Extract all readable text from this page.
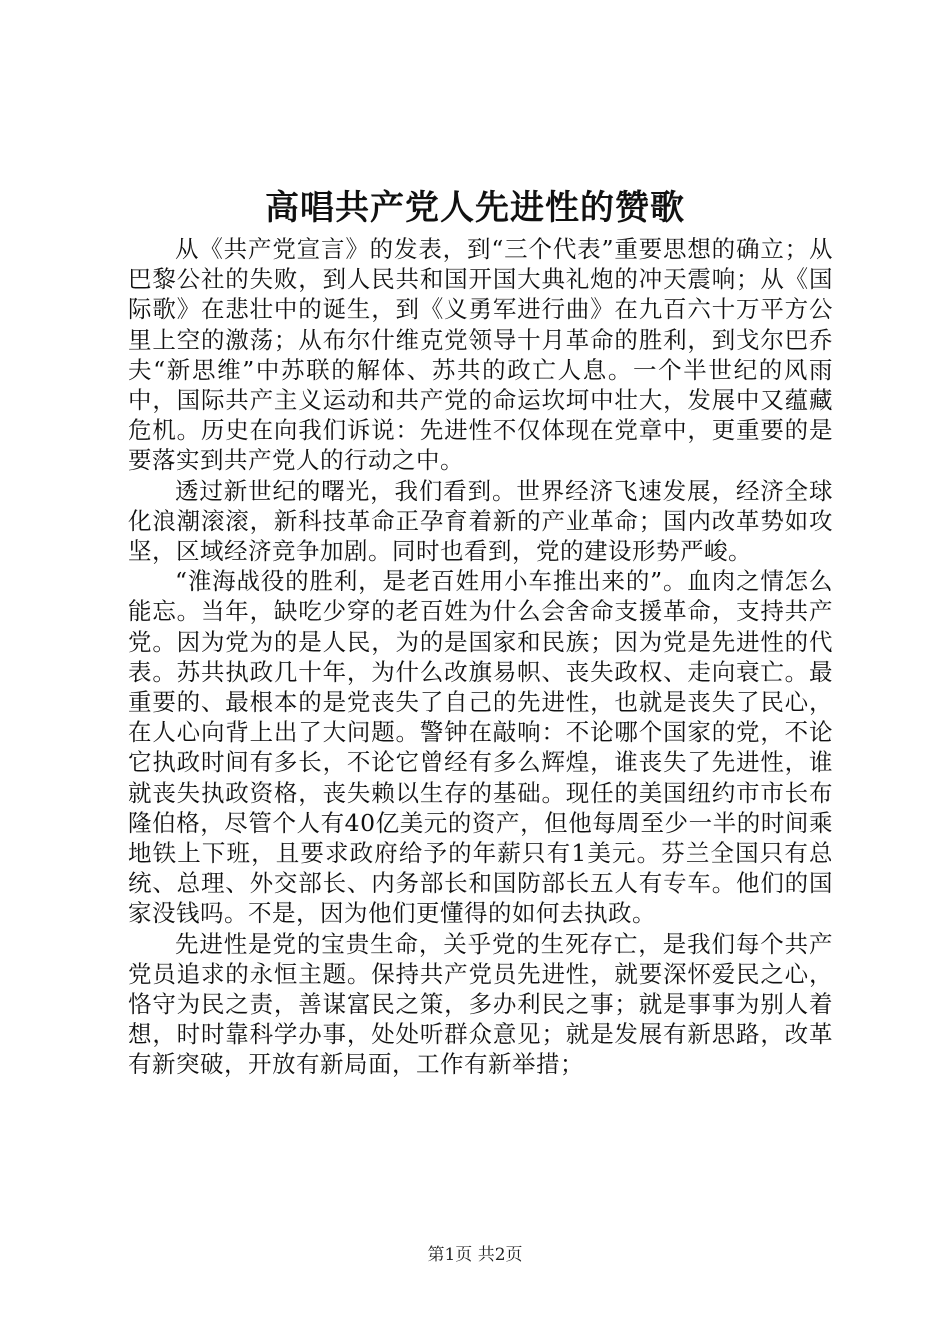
高唱共产党人先进性的赞歌

从《共产党宣言》的发表，到“三个代表”重要思想的确立；从巴黎公社的失败，到人民共和国开国大典礼炮的冲天震响；从《国际歌》在悲壮中的诞生，到《义勇军进行曲》在九百六十万平方公里上空的激荡；从布尔什维克党领导十月革命的胜利，到戈尔巴乔夫“新思维”中苏联的解体、苏共的政亡人息。一个半世纪的风雨中，国际共产主义运动和共产党的命运坎坷中壮大，发展中又蕴藏危机。历史在向我们诉说：先进性不仅体现在党章中，更重要的是要落实到共产党人的行动之中。

透过新世纪的曙光，我们看到。世界经济飞速发展，经济全球化浪潮滚滚，新科技革命正孕育着新的产业革命；国内改革势如攻坚，区域经济竞争加剧。同时也看到，党的建设形势严峻。

“淮海战役的胜利，是老百姓用小车推出来的”。血肉之情怎么能忘。当年，缺吃少穿的老百姓为什么会舍命支援革命，支持共产党。因为党为的是人民，为的是国家和民族；因为党是先进性的代表。苏共执政几十年，为什么改旗易帜、丧失政权、走向衰亡。最重要的、最根本的是党丧失了自己的先进性，也就是丧失了民心，在人心向背上出了大问题。警钟在敲响：不论哪个国家的党，不论它执政时间有多长，不论它曾经有多么辉煌，谁丧失了先进性，谁就丧失执政资格，丧失赖以生存的基础。现任的美国纽约市市长布隆伯格，尽管个人有40亿美元的资产，但他每周至少一半的时间乘地铁上下班，且要求政府给予的年薪只有1美元。芬兰全国只有总统、总理、外交部长、内务部长和国防部长五人有专车。他们的国家没钱吗。不是，因为他们更懂得的如何去执政。

先进性是党的宝贵生命，关乎党的生死存亡，是我们每个共产党员追求的永恒主题。保持共产党员先进性，就要深怀爱民之心，恪守为民之责，善谋富民之策，多办利民之事；就是事事为别人着想，时时靠科学办事，处处听群众意见；就是发展有新思路，改革有新突破，开放有新局面，工作有新举措；

第1页 共2页
